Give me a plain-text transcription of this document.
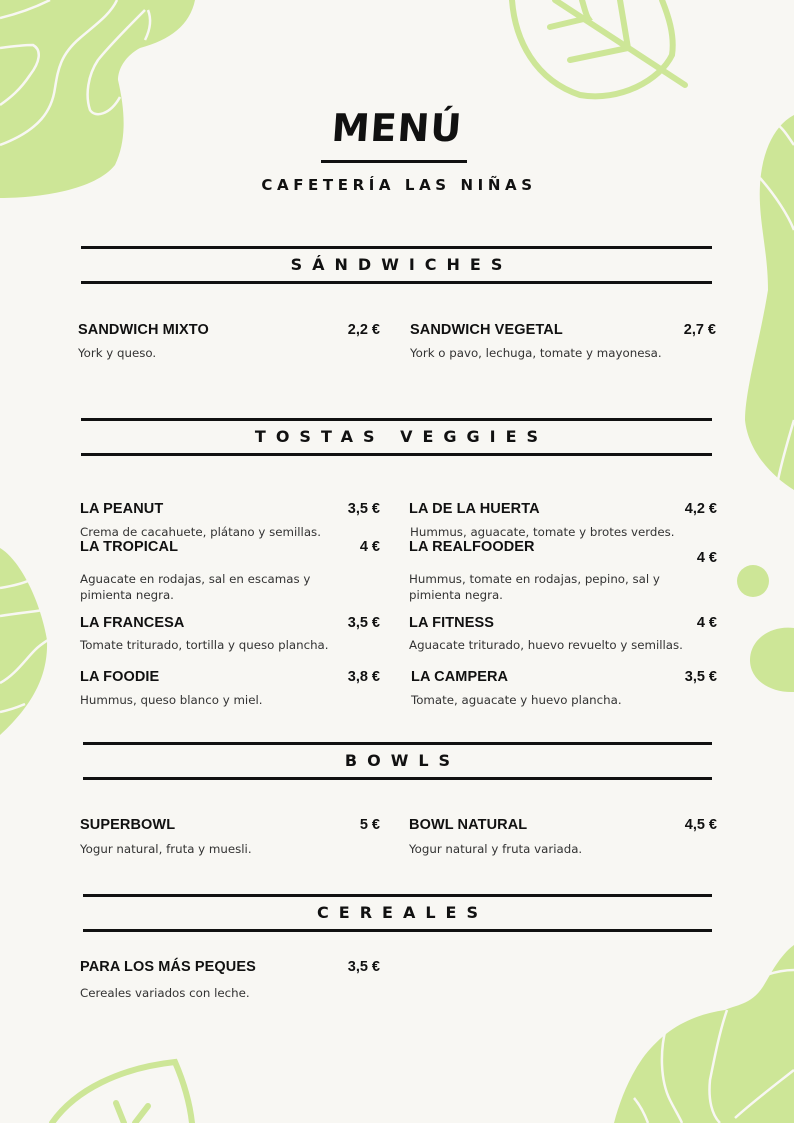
MENÚ
CAFETERÍA LAS NIÑAS
SÁNDWICHES
SANDWICH MIXTO	2,2 €
York y queso.
SANDWICH VEGETAL	2,7 €
York o pavo, lechuga, tomate y mayonesa.
TOSTAS VEGGIES
LA PEANUT	3,5 €
Crema de cacahuete, plátano y semillas.
LA DE LA HUERTA	4,2 €
Hummus, aguacate, tomate y brotes verdes.
LA TROPICAL	4 €
Aguacate en rodajas, sal en escamas y pimienta negra.
LA REALFOODER
4 €
Hummus, tomate en rodajas, pepino, sal y pimienta negra.
LA FRANCESA	3,5 €
Tomate triturado, tortilla y queso plancha.
LA FITNESS	4 €
Aguacate triturado, huevo revuelto y semillas.
LA FOODIE	3,8 €
Hummus, queso blanco y miel.
LA CAMPERA	3,5 €
Tomate, aguacate y huevo plancha.
BOWLS
SUPERBOWL	5 €
Yogur natural, fruta y muesli.
BOWL NATURAL	4,5 €
Yogur natural y fruta variada.
CEREALES
PARA LOS MÁS PEQUES	3,5 €
Cereales variados con leche.
